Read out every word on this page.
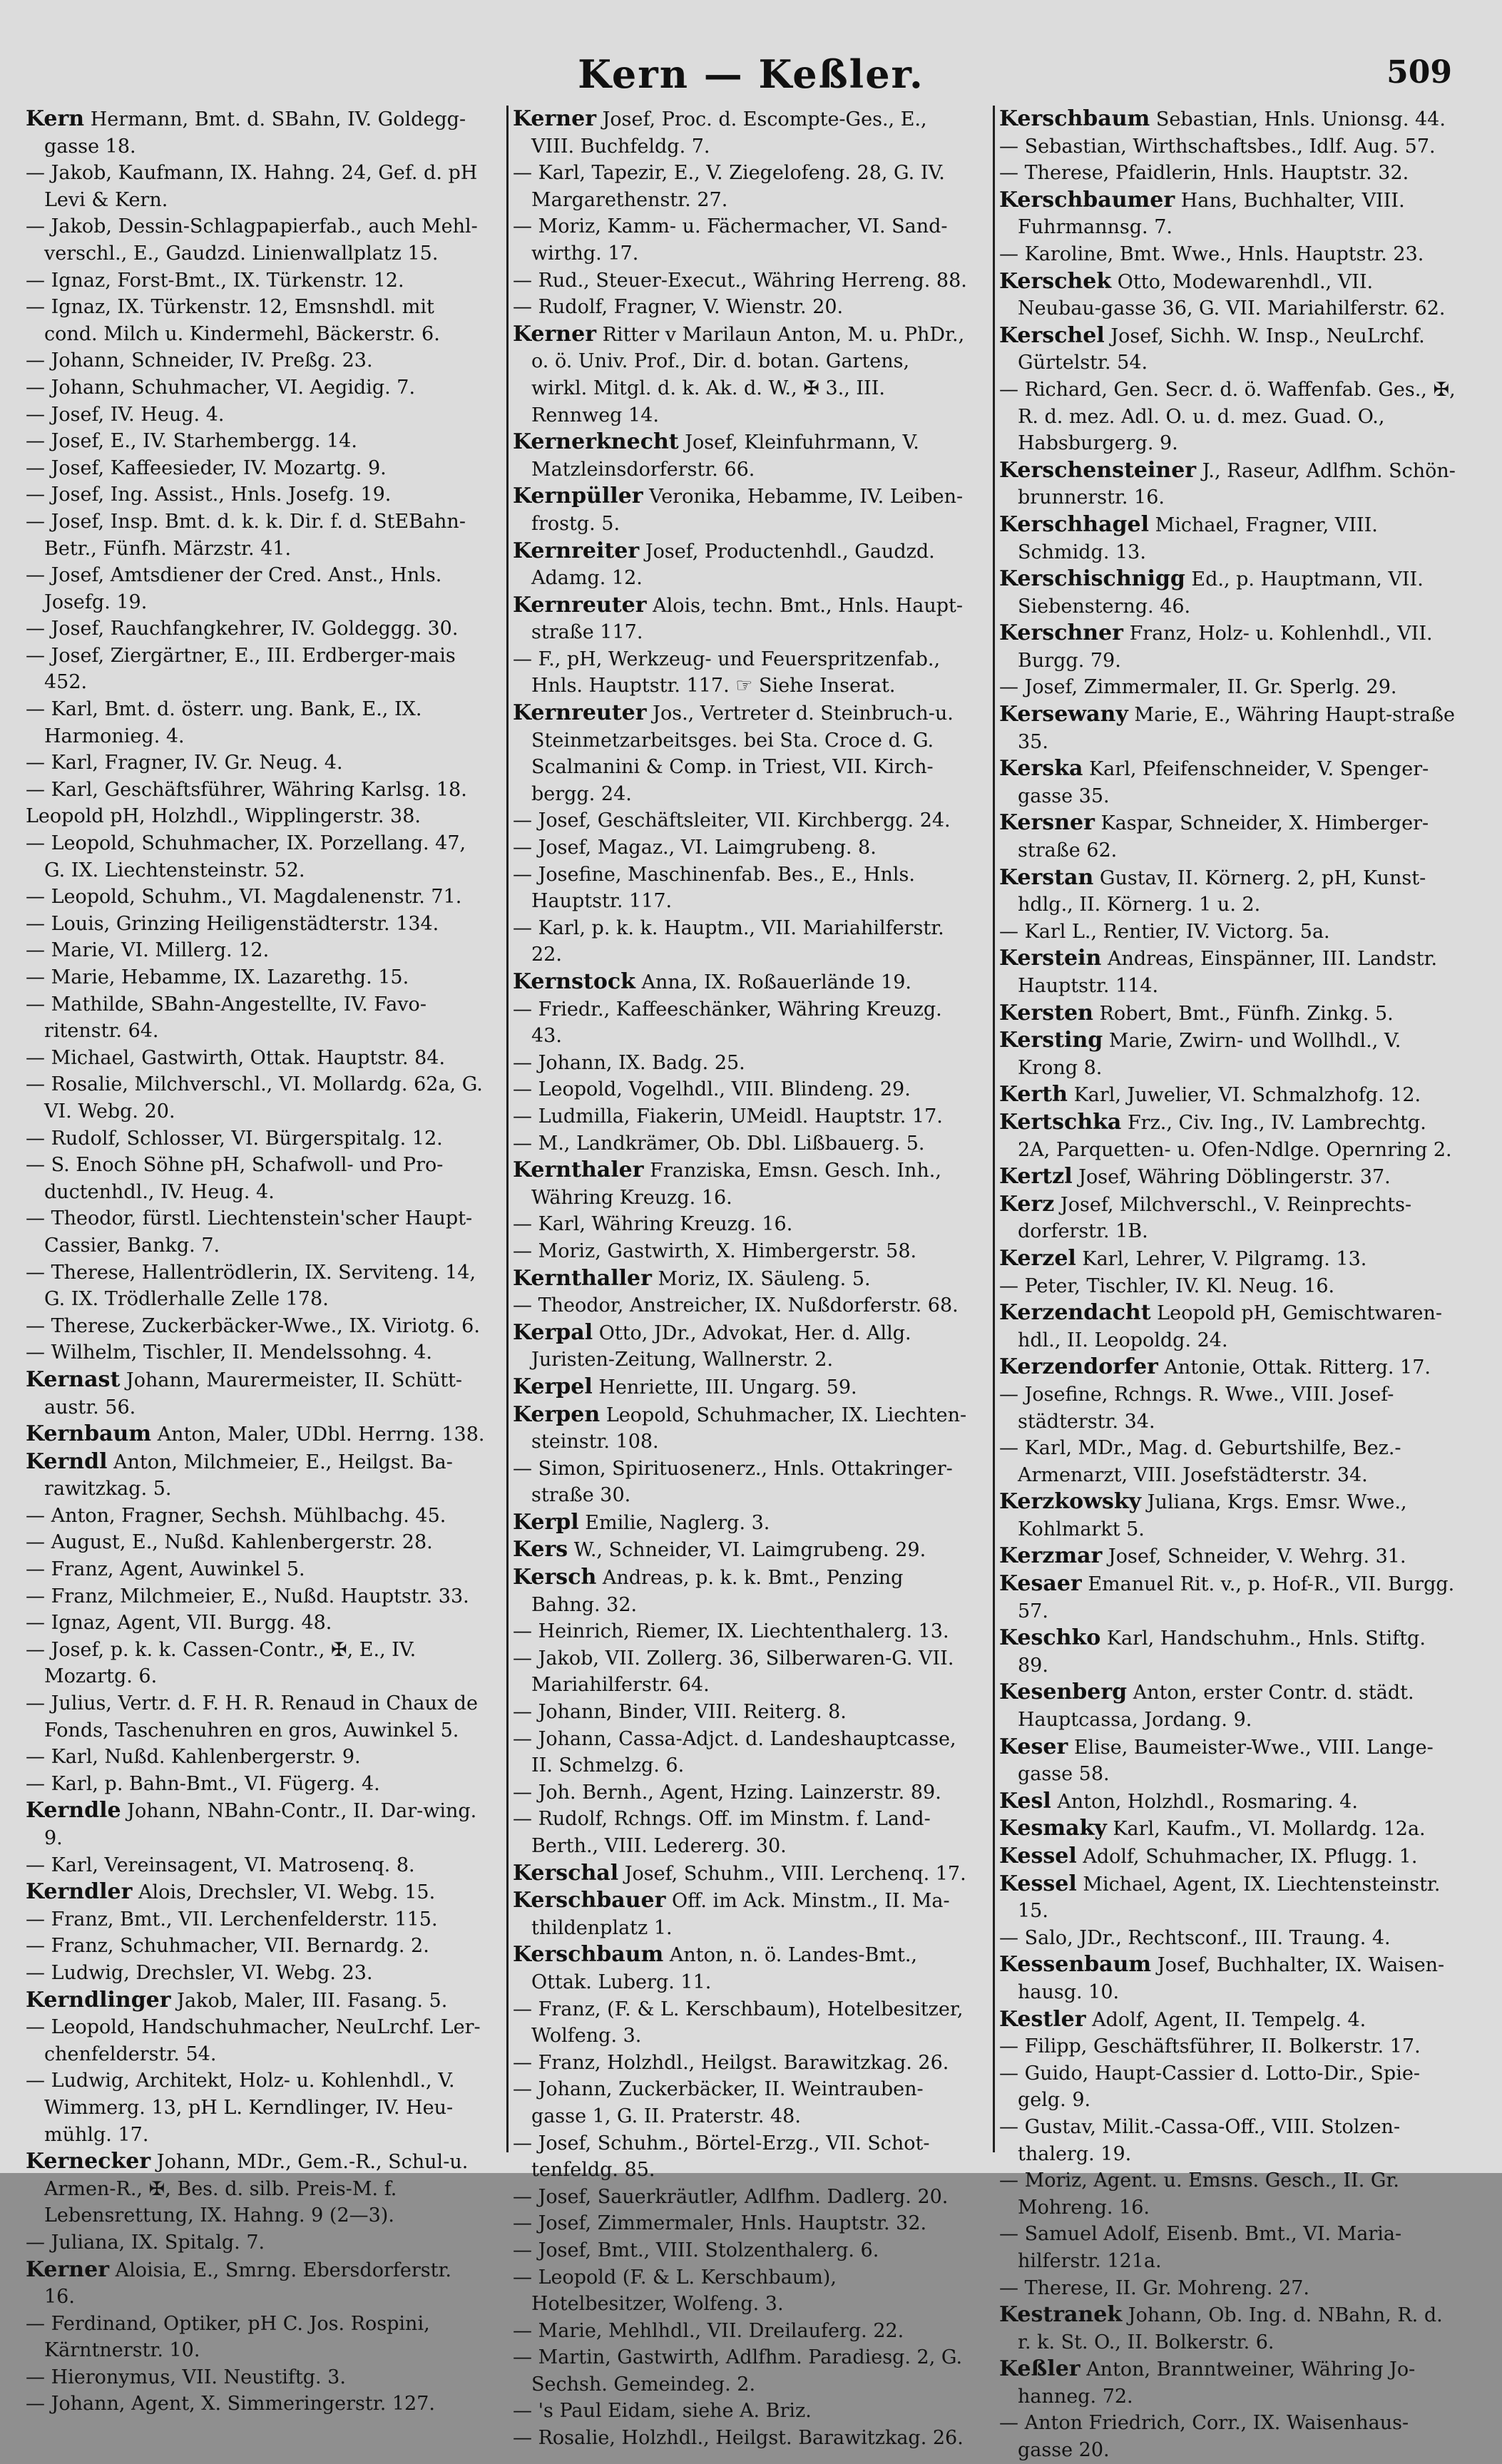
Kern — Keßler.	509

Kern Hermann, Bmt. d. SBahn, IV. Goldegg-gasse 18.

— Jakob, Kaufmann, IX. Hahng. 24, Gef. d. pH Levi & Kern.

— Jakob, Dessin-Schlagpapierfab., auch Mehl-verschl., E., Gaudzd. Linienwallplatz 15.

— Ignaz, Forst-Bmt., IX. Türkenstr. 12.

— Ignaz, IX. Türkenstr. 12, Emsnshdl. mit cond. Milch u. Kindermehl, Bäckerstr. 6.

— Johann, Schneider, IV. Preßg. 23.

— Johann, Schuhmacher, VI. Aegidig. 7.

— Josef, IV. Heug. 4.

— Josef, E., IV. Starhembergg. 14.

— Josef, Kaffeesieder, IV. Mozartg. 9.

— Josef, Ing. Assist., Hnls. Josefg. 19.

— Josef, Insp. Bmt. d. k. k. Dir. f. d. StEBahn-Betr., Fünfh. Märzstr. 41.

— Josef, Amtsdiener der Cred. Anst., Hnls. Josefg. 19.

— Josef, Rauchfangkehrer, IV. Goldeggg. 30.

— Josef, Ziergärtner, E., III. Erdberger-mais 452.

— Karl, Bmt. d. österr. ung. Bank, E., IX. Harmonieg. 4.

— Karl, Fragner, IV. Gr. Neug. 4.

— Karl, Geschäftsführer, Währing Karlsg. 18.

Leopold pH, Holzhdl., Wipplingerstr. 38.

— Leopold, Schuhmacher, IX. Porzellang. 47, G. IX. Liechtensteinstr. 52.

— Leopold, Schuhm., VI. Magdalenenstr. 71.

— Louis, Grinzing Heiligenstädterstr. 134.

— Marie, VI. Millerg. 12.

— Marie, Hebamme, IX. Lazarethg. 15.

— Mathilde, SBahn-Angestellte, IV. Favo-ritenstr. 64.

— Michael, Gastwirth, Ottak. Hauptstr. 84.

— Rosalie, Milchverschl., VI. Mollardg. 62a, G. VI. Webg. 20.

— Rudolf, Schlosser, VI. Bürgerspitalg. 12.

— S. Enoch Söhne pH, Schafwoll- und Pro-ductenhdl., IV. Heug. 4.

— Theodor, fürstl. Liechtenstein'scher Haupt-Cassier, Bankg. 7.

— Therese, Hallentrödlerin, IX. Serviteng. 14, G. IX. Trödlerhalle Zelle 178.

— Therese, Zuckerbäcker-Wwe., IX. Viriotg. 6.

— Wilhelm, Tischler, II. Mendelssohng. 4.

Kernast Johann, Maurermeister, II. Schütt-austr. 56.

Kernbaum Anton, Maler, UDbl. Herrng. 138.

Kerndl Anton, Milchmeier, E., Heilgst. Ba-rawitzkag. 5.

— Anton, Fragner, Sechsh. Mühlbachg. 45.

— August, E., Nußd. Kahlenbergerstr. 28.

— Franz, Agent, Auwinkel 5.

— Franz, Milchmeier, E., Nußd. Hauptstr. 33.

— Ignaz, Agent, VII. Burgg. 48.

— Josef, p. k. k. Cassen-Contr., ✠, E., IV. Mozartg. 6.

— Julius, Vertr. d. F. H. R. Renaud in Chaux de Fonds, Taschenuhren en gros, Auwinkel 5.

— Karl, Nußd. Kahlenbergerstr. 9.

— Karl, p. Bahn-Bmt., VI. Fügerg. 4.

Kerndle Johann, NBahn-Contr., II. Dar-wing. 9.

— Karl, Vereinsagent, VI. Matrosenq. 8.

Kerndler Alois, Drechsler, VI. Webg. 15.

— Franz, Bmt., VII. Lerchenfelderstr. 115.

— Franz, Schuhmacher, VII. Bernardg. 2.

— Ludwig, Drechsler, VI. Webg. 23.

Kerndlinger Jakob, Maler, III. Fasang. 5.

— Leopold, Handschuhmacher, NeuLrchf. Ler-chenfelderstr. 54.

— Ludwig, Architekt, Holz- u. Kohlenhdl., V. Wimmerg. 13, pH L. Kerndlinger, IV. Heu-mühlg. 17.

Kernecker Johann, MDr., Gem.-R., Schul-u. Armen-R., ✠, Bes. d. silb. Preis-M. f. Lebensrettung, IX. Hahng. 9 (2—3).

— Juliana, IX. Spitalg. 7.

Kerner Aloisia, E., Smrng. Ebersdorferstr. 16.

— Ferdinand, Optiker, pH C. Jos. Rospini, Kärntnerstr. 10.

— Hieronymus, VII. Neustiftg. 3.

— Johann, Agent, X. Simmeringerstr. 127.

Kerner Josef, Proc. d. Escompte-Ges., E., VIII. Buchfeldg. 7.

— Karl, Tapezir, E., V. Ziegelofeng. 28, G. IV. Margarethenstr. 27.

— Moriz, Kamm- u. Fächermacher, VI. Sand-wirthg. 17.

— Rud., Steuer-Execut., Währing Herreng. 88.

— Rudolf, Fragner, V. Wienstr. 20.

Kerner Ritter v Marilaun Anton, M. u. PhDr., o. ö. Univ. Prof., Dir. d. botan. Gartens, wirkl. Mitgl. d. k. Ak. d. W., ✠ 3., III. Rennweg 14.

Kernerknecht Josef, Kleinfuhrmann, V. Matzleinsdorferstr. 66.

Kernpüller Veronika, Hebamme, IV. Leiben-frostg. 5.

Kernreiter Josef, Productenhdl., Gaudzd. Adamg. 12.

Kernreuter Alois, techn. Bmt., Hnls. Haupt-straße 117.

— F., pH, Werkzeug- und Feuerspritzenfab., Hnls. Hauptstr. 117. ☞ Siehe Inserat.

Kernreuter Jos., Vertreter d. Steinbruch-u. Steinmetzarbeitsges. bei Sta. Croce d. G. Scalmanini & Comp. in Triest, VII. Kirch-bergg. 24.

— Josef, Geschäftsleiter, VII. Kirchbergg. 24.

— Josef, Magaz., VI. Laimgrubeng. 8.

— Josefine, Maschinenfab. Bes., E., Hnls. Hauptstr. 117.

— Karl, p. k. k. Hauptm., VII. Mariahilferstr. 22.

Kernstock Anna, IX. Roßauerlände 19.

— Friedr., Kaffeeschänker, Währing Kreuzg. 43.

— Johann, IX. Badg. 25.

— Leopold, Vogelhdl., VIII. Blindeng. 29.

— Ludmilla, Fiakerin, UMeidl. Hauptstr. 17.

— M., Landkrämer, Ob. Dbl. Lißbauerg. 5.

Kernthaler Franziska, Emsn. Gesch. Inh., Währing Kreuzg. 16.

— Karl, Währing Kreuzg. 16.

— Moriz, Gastwirth, X. Himbergerstr. 58.

Kernthaller Moriz, IX. Säuleng. 5.

— Theodor, Anstreicher, IX. Nußdorferstr. 68.

Kerpal Otto, JDr., Advokat, Her. d. Allg. Juristen-Zeitung, Wallnerstr. 2.

Kerpel Henriette, III. Ungarg. 59.

Kerpen Leopold, Schuhmacher, IX. Liechten-steinstr. 108.

— Simon, Spirituosenerz., Hnls. Ottakringer-straße 30.

Kerpl Emilie, Naglerg. 3.

Kers W., Schneider, VI. Laimgrubeng. 29.

Kersch Andreas, p. k. k. Bmt., Penzing Bahng. 32.

— Heinrich, Riemer, IX. Liechtenthalerg. 13.

— Jakob, VII. Zollerg. 36, Silberwaren-G. VII. Mariahilferstr. 64.

— Johann, Binder, VIII. Reiterg. 8.

— Johann, Cassa-Adjct. d. Landeshauptcasse, II. Schmelzg. 6.

— Joh. Bernh., Agent, Hzing. Lainzerstr. 89.

— Rudolf, Rchngs. Off. im Minstm. f. Land-Berth., VIII. Ledererg. 30.

Kerschal Josef, Schuhm., VIII. Lerchenq. 17.

Kerschbauer Off. im Ack. Minstm., II. Ma-thildenplatz 1.

Kerschbaum Anton, n. ö. Landes-Bmt., Ottak. Luberg. 11.

— Franz, (F. & L. Kerschbaum), Hotelbesitzer, Wolfeng. 3.

— Franz, Holzhdl., Heilgst. Barawitzkag. 26.

— Johann, Zuckerbäcker, II. Weintrauben-gasse 1, G. II. Praterstr. 48.

— Josef, Schuhm., Börtel-Erzg., VII. Schot-tenfeldg. 85.

— Josef, Sauerkräutler, Adlfhm. Dadlerg. 20.

— Josef, Zimmermaler, Hnls. Hauptstr. 32.

— Josef, Bmt., VIII. Stolzenthalerg. 6.

— Leopold (F. & L. Kerschbaum), Hotelbesitzer, Wolfeng. 3.

— Marie, Mehlhdl., VII. Dreilauferg. 22.

— Martin, Gastwirth, Adlfhm. Paradiesg. 2, G. Sechsh. Gemeindeg. 2.

— 's Paul Eidam, siehe A. Briz.

— Rosalie, Holzhdl., Heilgst. Barawitzkag. 26.

Kerschbaum Sebastian, Hnls. Unionsg. 44.

— Sebastian, Wirthschaftsbes., Idlf. Aug. 57.

— Therese, Pfaidlerin, Hnls. Hauptstr. 32.

Kerschbaumer Hans, Buchhalter, VIII. Fuhrmannsg. 7.

— Karoline, Bmt. Wwe., Hnls. Hauptstr. 23.

Kerschek Otto, Modewarenhdl., VII. Neubau-gasse 36, G. VII. Mariahilferstr. 62.

Kerschel Josef, Sichh. W. Insp., NeuLrchf. Gürtelstr. 54.

— Richard, Gen. Secr. d. ö. Waffenfab. Ges., ✠, R. d. mez. Adl. O. u. d. mez. Guad. O., Habsburgerg. 9.

Kerschensteiner J., Raseur, Adlfhm. Schön-brunnerstr. 16.

Kerschhagel Michael, Fragner, VIII. Schmidg. 13.

Kerschischnigg Ed., p. Hauptmann, VII. Siebensterng. 46.

Kerschner Franz, Holz- u. Kohlenhdl., VII. Burgg. 79.

— Josef, Zimmermaler, II. Gr. Sperlg. 29.

Kersewany Marie, E., Währing Haupt-straße 35.

Kerska Karl, Pfeifenschneider, V. Spenger-gasse 35.

Kersner Kaspar, Schneider, X. Himberger-straße 62.

Kerstan Gustav, II. Körnerg. 2, pH, Kunst-hdlg., II. Körnerg. 1 u. 2.

— Karl L., Rentier, IV. Victorg. 5a.

Kerstein Andreas, Einspänner, III. Landstr. Hauptstr. 114.

Kersten Robert, Bmt., Fünfh. Zinkg. 5.

Kersting Marie, Zwirn- und Wollhdl., V. Krong 8.

Kerth Karl, Juwelier, VI. Schmalzhofg. 12.

Kertschka Frz., Civ. Ing., IV. Lambrechtg. 2A, Parquetten- u. Ofen-Ndlge. Opernring 2.

Kertzl Josef, Währing Döblingerstr. 37.

Kerz Josef, Milchverschl., V. Reinprechts-dorferstr. 1B.

Kerzel Karl, Lehrer, V. Pilgramg. 13.

— Peter, Tischler, IV. Kl. Neug. 16.

Kerzendacht Leopold pH, Gemischtwaren-hdl., II. Leopoldg. 24.

Kerzendorfer Antonie, Ottak. Ritterg. 17.

— Josefine, Rchngs. R. Wwe., VIII. Josef-städterstr. 34.

— Karl, MDr., Mag. d. Geburtshilfe, Bez.-Armenarzt, VIII. Josefstädterstr. 34.

Kerzkowsky Juliana, Krgs. Emsr. Wwe., Kohlmarkt 5.

Kerzmar Josef, Schneider, V. Wehrg. 31.

Kesaer Emanuel Rit. v., p. Hof-R., VII. Burgg. 57.

Keschko Karl, Handschuhm., Hnls. Stiftg. 89.

Kesenberg Anton, erster Contr. d. städt. Hauptcassa, Jordang. 9.

Keser Elise, Baumeister-Wwe., VIII. Lange-gasse 58.

Kesl Anton, Holzhdl., Rosmaring. 4.

Kesmaky Karl, Kaufm., VI. Mollardg. 12a.

Kessel Adolf, Schuhmacher, IX. Pflugg. 1.

Kessel Michael, Agent, IX. Liechtensteinstr. 15.

— Salo, JDr., Rechtsconf., III. Traung. 4.

Kessenbaum Josef, Buchhalter, IX. Waisen-hausg. 10.

Kestler Adolf, Agent, II. Tempelg. 4.

— Filipp, Geschäftsführer, II. Bolkerstr. 17.

— Guido, Haupt-Cassier d. Lotto-Dir., Spie-gelg. 9.

— Gustav, Milit.-Cassa-Off., VIII. Stolzen-thalerg. 19.

— Moriz, Agent. u. Emsns. Gesch., II. Gr. Mohreng. 16.

— Samuel Adolf, Eisenb. Bmt., VI. Maria-hilferstr. 121a.

— Therese, II. Gr. Mohreng. 27.

Kestranek Johann, Ob. Ing. d. NBahn, R. d. r. k. St. O., II. Bolkerstr. 6.

Keßler Anton, Branntweiner, Währing Jo-hanneg. 72.

— Anton Friedrich, Corr., IX. Waisenhaus-gasse 20.
